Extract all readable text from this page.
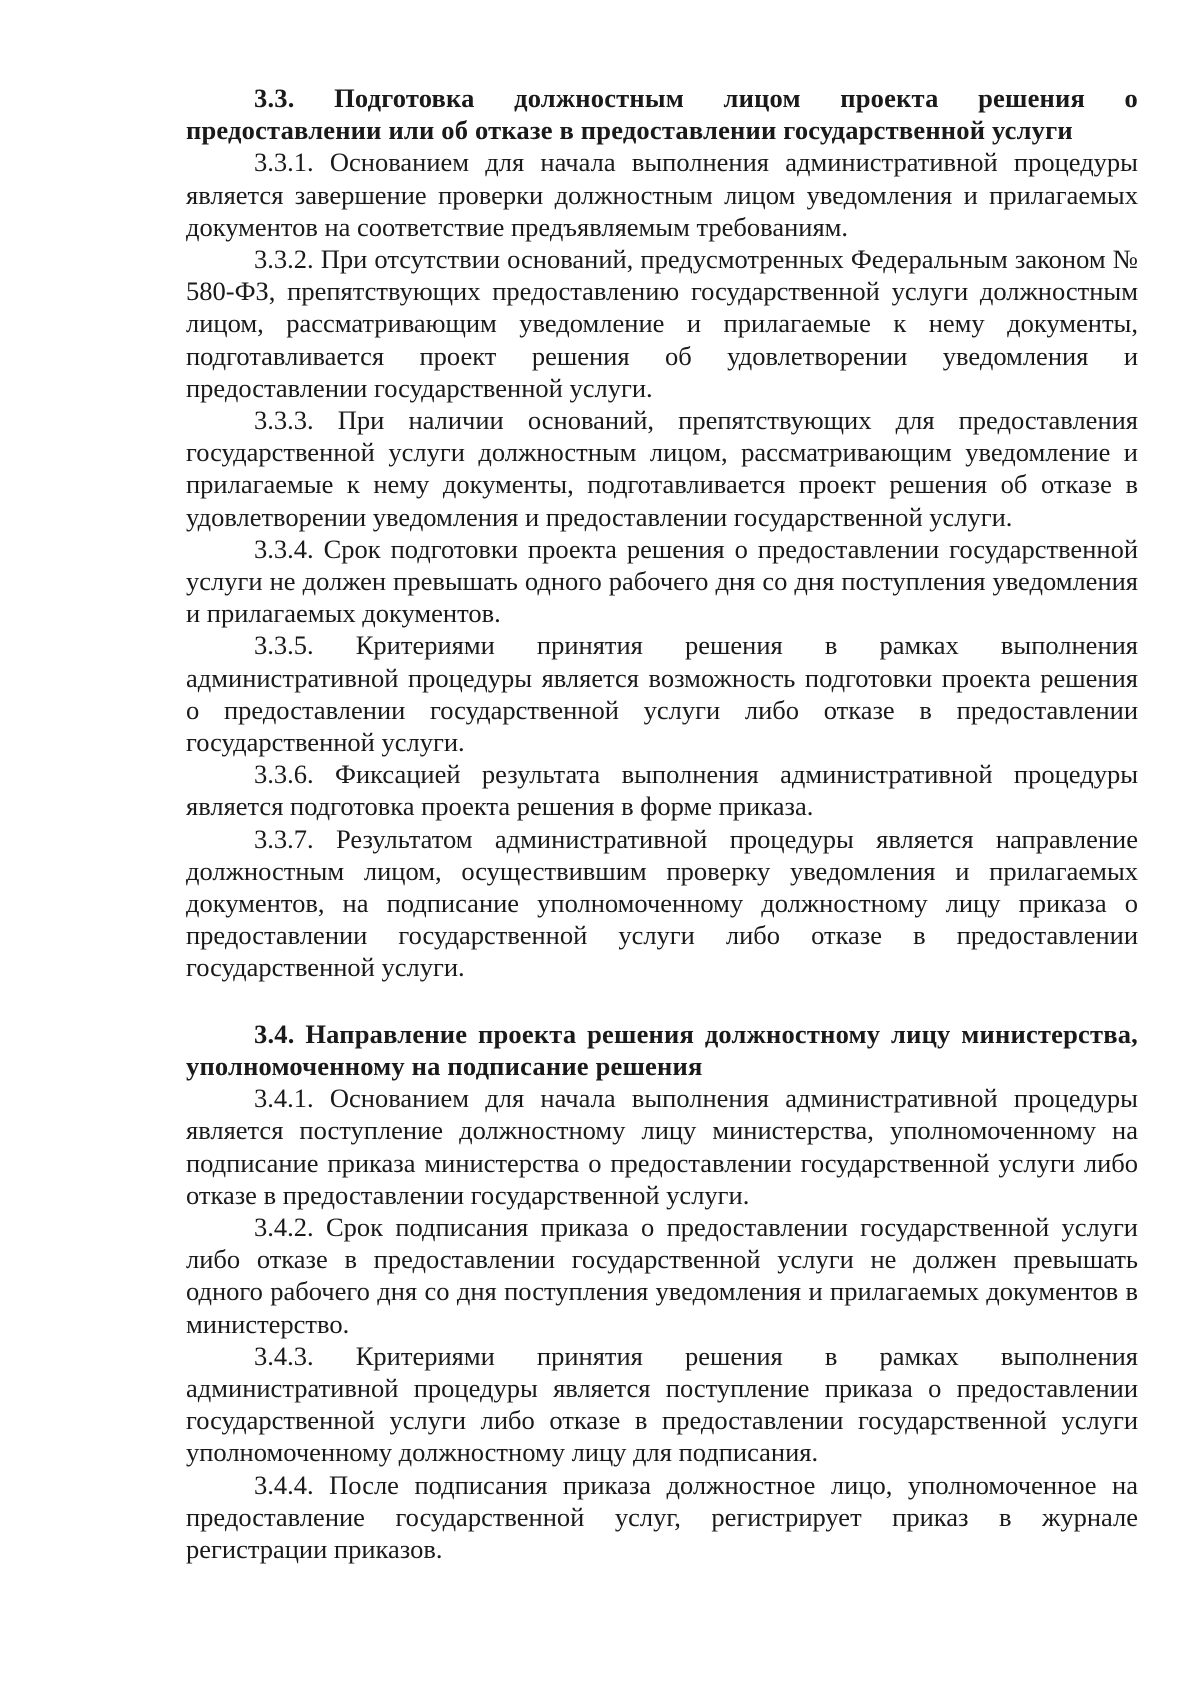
3.3. Подготовка должностным лицом проекта решения о предоставлении или об отказе в предоставлении государственной услуги

3.3.1. Основанием для начала выполнения административной процедуры является завершение проверки должностным лицом уведомления и прилагаемых документов на соответствие предъявляемым требованиям.

3.3.2. При отсутствии оснований, предусмотренных Федеральным законом № 580-ФЗ, препятствующих предоставлению государственной услуги должностным лицом, рассматривающим уведомление и прилагаемые к нему документы, подготавливается проект решения об удовлетворении уведомления и предоставлении государственной услуги.

3.3.3. При наличии оснований, препятствующих для предоставления государственной услуги должностным лицом, рассматривающим уведомление и прилагаемые к нему документы, подготавливается проект решения об отказе в удовлетворении уведомления и предоставлении государственной услуги.

3.3.4. Срок подготовки проекта решения о предоставлении государственной услуги не должен превышать одного рабочего дня со дня поступления уведомления и прилагаемых документов.

3.3.5. Критериями принятия решения в рамках выполнения административной процедуры является возможность подготовки проекта решения о предоставлении государственной услуги либо отказе в предоставлении государственной услуги.

3.3.6. Фиксацией результата выполнения административной процедуры является подготовка проекта решения в форме приказа.

3.3.7. Результатом административной процедуры является направление должностным лицом, осуществившим проверку уведомления и прилагаемых документов, на подписание уполномоченному должностному лицу приказа о предоставлении государственной услуги либо отказе в предоставлении государственной услуги.

3.4. Направление проекта решения должностному лицу министерства, уполномоченному на подписание решения

3.4.1. Основанием для начала выполнения административной процедуры является поступление должностному лицу министерства, уполномоченному на подписание приказа министерства о предоставлении государственной услуги либо отказе в предоставлении государственной услуги.

3.4.2. Срок подписания приказа о предоставлении государственной услуги либо отказе в предоставлении государственной услуги не должен превышать одного рабочего дня со дня поступления уведомления и прилагаемых документов в министерство.

3.4.3. Критериями принятия решения в рамках выполнения административной процедуры является поступление приказа о предоставлении государственной услуги либо отказе в предоставлении государственной услуги уполномоченному должностному лицу для подписания.

3.4.4. После подписания приказа должностное лицо, уполномоченное на предоставление государственной услуг, регистрирует приказ в журнале регистрации приказов.
